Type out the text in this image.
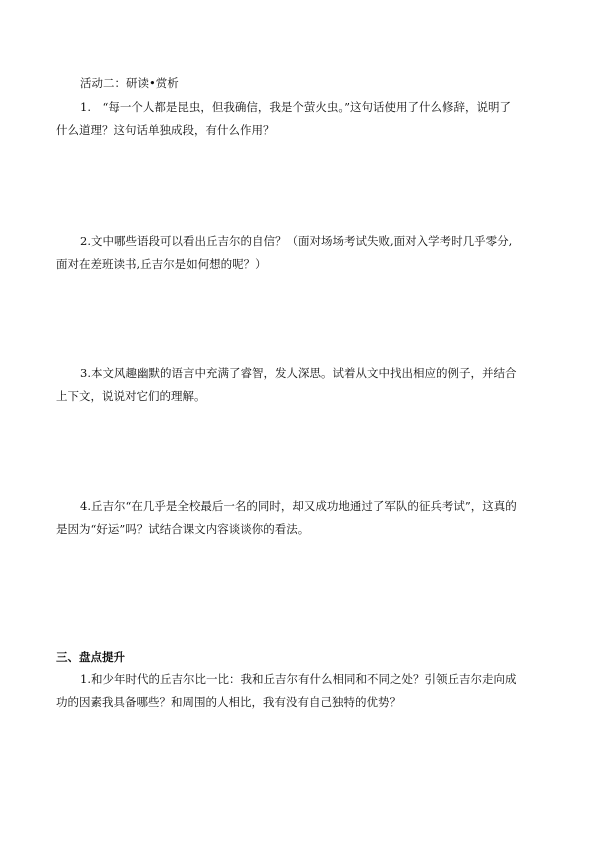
活动二：研读•赏析
1.　“每一个人都是昆虫，但我确信，我是个萤火虫。”这句话使用了什么修辞，说明了
什么道理？这句话单独成段，有什么作用？
2.文中哪些语段可以看出丘吉尔的自信？（面对场场考试失败,面对入学考时几乎零分,
面对在差班读书,丘吉尔是如何想的呢？）
3.本文风趣幽默的语言中充满了睿智，发人深思。试着从文中找出相应的例子，并结合
上下文，说说对它们的理解。
4.丘吉尔“在几乎是全校最后一名的同时，却又成功地通过了军队的征兵考试”，这真的
是因为“好运”吗？试结合课文内容谈谈你的看法。
三、盘点提升
1.和少年时代的丘吉尔比一比：我和丘吉尔有什么相同和不同之处？引领丘吉尔走向成
功的因素我具备哪些？和周围的人相比，我有没有自己独特的优势？
